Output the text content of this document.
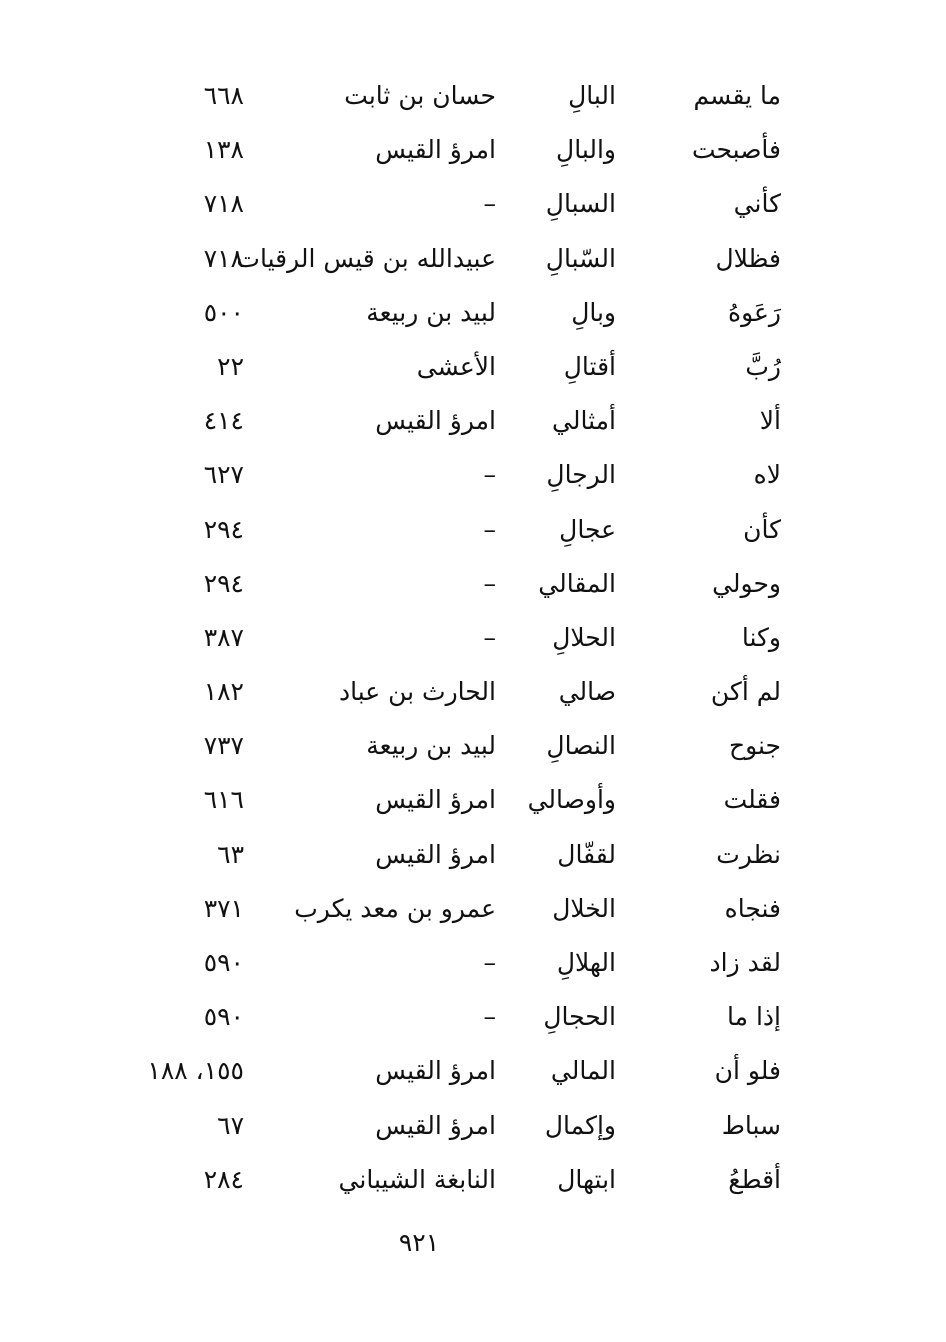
ما يقسم
البالِ
حسان بن ثابت
٦٦٨
فأصبحت
والبالِ
امرؤ القيس
١٣٨
كأني
السبالِ
–
٧١٨
فظلال
السّبالِ
عبيدالله بن قيس الرقيات
٧١٨
رَعَوهُ
وبالِ
لبيد بن ربيعة
٥٠٠
رُبَّ
أقتالِ
الأعشى
٢٢
ألا
أمثالي
امرؤ القيس
٤١٤
لاه
الرجالِ
–
٦٢٧
كأن
عجالِ
–
٢٩٤
وحولي
المقالي
–
٢٩٤
وكنا
الحلالِ
–
٣٨٧
لم أكن
صالي
الحارث بن عباد
١٨٢
جنوح
النصالِ
لبيد بن ربيعة
٧٣٧
فقلت
وأوصالي
امرؤ القيس
٦١٦
نظرت
لقفّال
امرؤ القيس
٦٣
فنجاه
الخلال
عمرو بن معد يكرب
٣٧١
لقد زاد
الهلالِ
–
٥٩٠
إذا ما
الحجالِ
–
٥٩٠
فلو أن
المالي
امرؤ القيس
١٥٥، ١٨٨
سباط
وإكمال
امرؤ القيس
٦٧
أقطعُ
ابتهال
النابغة الشيباني
٢٨٤
٩٢١
